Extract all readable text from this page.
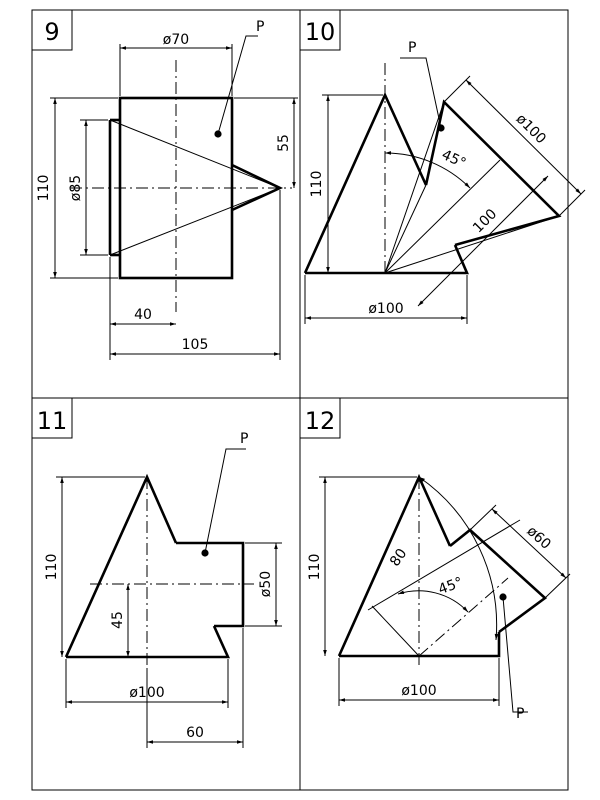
9	P
ø70
110 ø85
55
40
105
10
45°
P
ø100
100
110
ø100
11
P
110
45
ø50
ø100
60
12
45°
80
P
ø60
110
ø100
